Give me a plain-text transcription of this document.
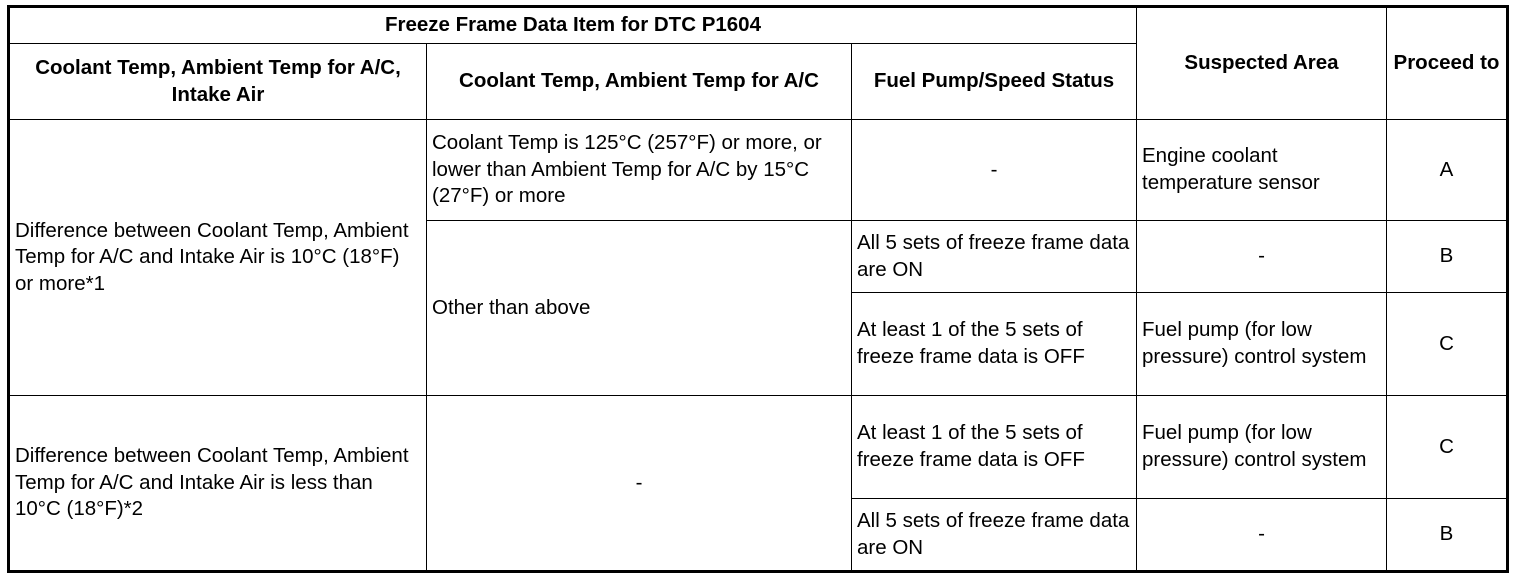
Freeze Frame Data Item for DTC P1604			Suspected Area	Proceed to
Coolant Temp, Ambient Temp for A/C, Intake Air	Coolant Temp, Ambient Temp for A/C	Fuel Pump/Speed Status		
Difference between Coolant Temp, Ambient Temp for A/C and Intake Air is 10°C (18°F) or more*1	Coolant Temp is 125°C (257°F) or more, or lower than Ambient Temp for A/C by 15°C (27°F) or more	-	Engine coolant temperature sensor	A
	Other than above	All 5 sets of freeze frame data are ON	-	B
		At least 1 of the 5 sets of freeze frame data is OFF	Fuel pump (for low pressure) control system	C
Difference between Coolant Temp, Ambient Temp for A/C and Intake Air is less than 10°C (18°F)*2	-	At least 1 of the 5 sets of freeze frame data is OFF	Fuel pump (for low pressure) control system	C
		All 5 sets of freeze frame data are ON	-	B
